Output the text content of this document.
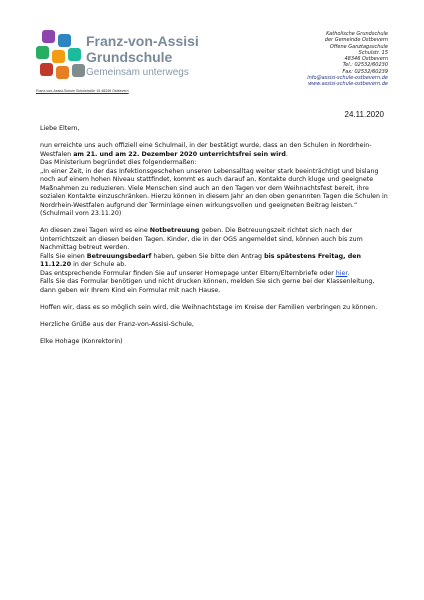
Franz-von-Assisi
Grundschule
Gemeinsam unterwegs
Katholische Grundschule
der Gemeinde Ostbevern
Offene Ganztagsschule
Schulstr. 15
48346 Ostbevern
Tel.: 02532/60230
Fax: 02532/60239
info@assisi-schule-ostbevern.de
www.assisi-schule-ostbevern.de
Franz-von-Assisi-Schule Schulstraße 15 48346 Ostbevern
24.11.2020

Liebe Eltern,

nun erreichte uns auch offiziell eine Schulmail, in der bestätigt wurde, dass an den Schulen in Nordrhein-Westfalen am 21. und am 22. Dezember 2020 unterrichtsfrei sein wird.

Das Ministerium begründet dies folgendermaßen:

„In einer Zeit, in der das Infektionsgeschehen unseren Lebensalltag weiter stark beeinträchtigt und bislang noch auf einem hohen Niveau stattfindet, kommt es auch darauf an, Kontakte durch kluge und geeignete Maßnahmen zu reduzieren. Viele Menschen sind auch an den Tagen vor dem Weihnachtsfest bereit, ihre sozialen Kontakte einzuschränken. Hierzu können in diesem Jahr an den oben genannten Tagen die Schulen in Nordrhein-Westfalen aufgrund der Terminlage einen wirkungsvollen und geeigneten Beitrag leisten.“ (Schulmail vom 23.11.20)

An diesen zwei Tagen wird es eine Notbetreuung geben. Die Betreuungszeit richtet sich nach der Unterrichtszeit an diesen beiden Tagen. Kinder, die in der OGS angemeldet sind, können auch bis zum Nachmittag betreut werden.

Falls Sie einen Betreuungsbedarf haben, geben Sie bitte den Antrag bis spätestens Freitag, den 11.12.20 in der Schule ab.

Das entsprechende Formular finden Sie auf unserer Homepage unter Eltern/Elternbriefe oder hier.

Falls Sie das Formular benötigen und nicht drucken können, melden Sie sich gerne bei der Klassenleitung, dann geben wir Ihrem Kind ein Formular mit nach Hause.

Hoffen wir, dass es so möglich sein wird, die Weihnachtstage im Kreise der Familien verbringen zu können.

Herzliche Grüße aus der Franz-von-Assisi-Schule,

Elke Hohage (Konrektorin)
